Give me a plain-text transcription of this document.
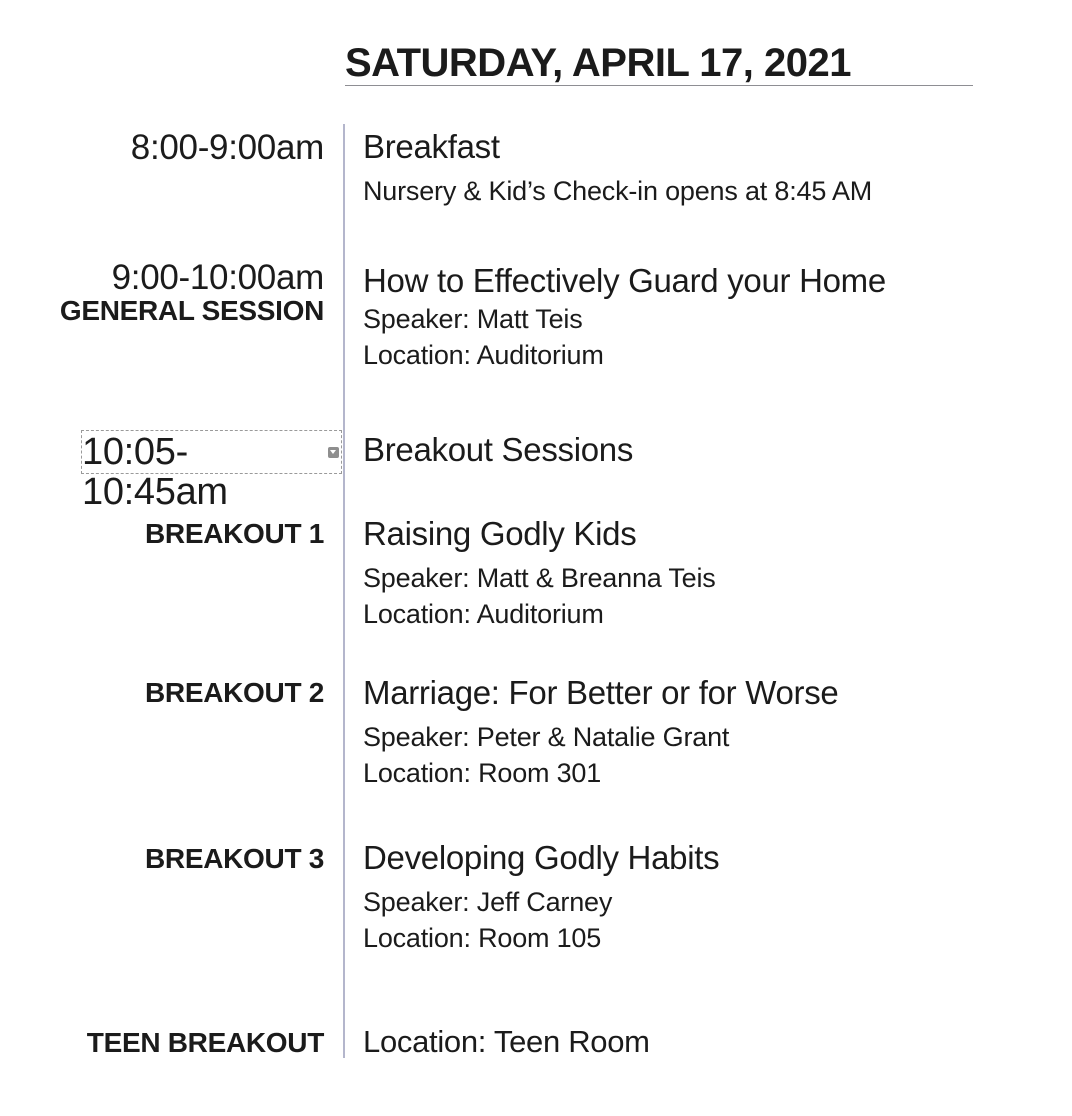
SATURDAY, APRIL 17, 2021
8:00-9:00am Breakfast
Nursery & Kid’s Check-in opens at 8:45 AM
9:00-10:00am
GENERAL SESSION
How to Effectively Guard your Home
Speaker: Matt Teis
Location: Auditorium
10:05-10:45am
Breakout Sessions
BREAKOUT 1 Raising Godly Kids
Speaker: Matt & Breanna Teis
Location: Auditorium
BREAKOUT 2 Marriage: For Better or for Worse
Speaker: Peter & Natalie Grant
Location: Room 301
BREAKOUT 3 Developing Godly Habits
Speaker: Jeff Carney
Location: Room 105
TEEN BREAKOUT Location: Teen Room
